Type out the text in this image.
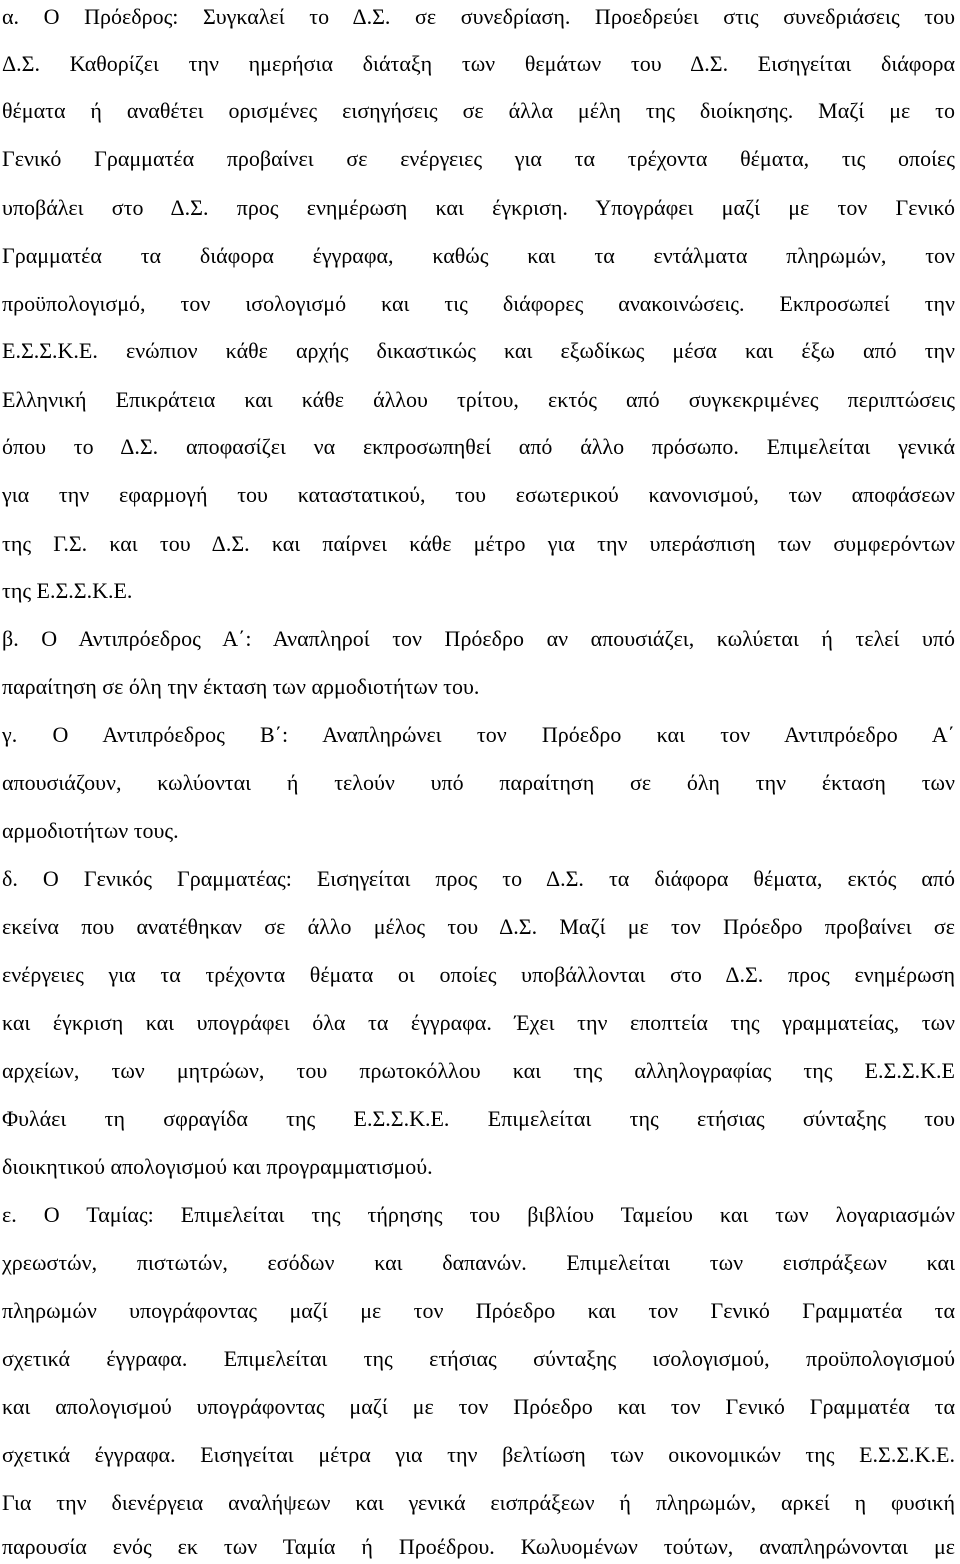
α. Ο Πρόεδρος: Συγκαλεί το Δ.Σ. σε συνεδρίαση. Προεδρεύει στις συνεδριάσεις του
Δ.Σ. Καθορίζει την ημερήσια διάταξη των θεμάτων του Δ.Σ. Εισηγείται διάφορα
θέματα ή αναθέτει ορισμένες εισηγήσεις σε άλλα μέλη της διοίκησης. Μαζί με το
Γενικό Γραμματέα προβαίνει σε ενέργειες για τα τρέχοντα θέματα, τις οποίες
υποβάλει στο Δ.Σ. προς ενημέρωση και έγκριση. Υπογράφει μαζί με τον Γενικό
Γραμματέα τα διάφορα έγγραφα, καθώς και τα εντάλματα πληρωμών, τον
προϋπολογισμό, τον ισολογισμό και τις διάφορες ανακοινώσεις. Εκπροσωπεί την
Ε.Σ.Σ.Κ.Ε. ενώπιον κάθε αρχής δικαστικώς και εξωδίκως μέσα και έξω από την
Ελληνική Επικράτεια και κάθε άλλου τρίτου, εκτός από συγκεκριμένες περιπτώσεις
όπου το Δ.Σ. αποφασίζει να εκπροσωπηθεί από άλλο πρόσωπο. Επιμελείται γενικά
για την εφαρμογή του καταστατικού, του εσωτερικού κανονισμού, των αποφάσεων
της Γ.Σ. και του Δ.Σ. και παίρνει κάθε μέτρο για την υπεράσπιση των συμφερόντων
της Ε.Σ.Σ.Κ.Ε.
β. Ο Αντιπρόεδρος Α΄: Αναπληροί τον Πρόεδρο αν απουσιάζει, κωλύεται ή τελεί υπό
παραίτηση σε όλη την έκταση των αρμοδιοτήτων του.
γ. Ο Αντιπρόεδρος Β΄: Αναπληρώνει τον Πρόεδρο και τον Αντιπρόεδρο Α΄
απουσιάζουν, κωλύονται ή τελούν υπό παραίτηση σε όλη την έκταση των
αρμοδιοτήτων τους.
δ. Ο Γενικός Γραμματέας: Εισηγείται προς το Δ.Σ. τα διάφορα θέματα, εκτός από
εκείνα που ανατέθηκαν σε άλλο μέλος του Δ.Σ. Μαζί με τον Πρόεδρο προβαίνει σε
ενέργειες για τα τρέχοντα θέματα οι οποίες υποβάλλονται στο Δ.Σ. προς ενημέρωση
και έγκριση και υπογράφει όλα τα έγγραφα. Έχει την εποπτεία της γραμματείας, των
αρχείων, των μητρώων, του πρωτοκόλλου και της αλληλογραφίας της Ε.Σ.Σ.Κ.Ε
Φυλάει τη σφραγίδα της Ε.Σ.Σ.Κ.Ε. Επιμελείται της ετήσιας σύνταξης του
διοικητικού απολογισμού και προγραμματισμού.
ε. Ο Ταμίας: Επιμελείται της τήρησης του βιβλίου Ταμείου και των λογαριασμών
χρεωστών, πιστωτών, εσόδων και δαπανών. Επιμελείται των εισπράξεων και
πληρωμών υπογράφοντας μαζί με τον Πρόεδρο και τον Γενικό Γραμματέα τα
σχετικά έγγραφα. Επιμελείται της ετήσιας σύνταξης ισολογισμού, προϋπολογισμού
και απολογισμού υπογράφοντας μαζί με τον Πρόεδρο και τον Γενικό Γραμματέα τα
σχετικά έγγραφα. Εισηγείται μέτρα για την βελτίωση των οικονομικών της Ε.Σ.Σ.Κ.Ε.
Για την διενέργεια αναλήψεων και γενικά εισπράξεων ή πληρωμών, αρκεί η φυσική
παρουσία ενός εκ των Ταμία ή Προέδρου. Κωλυομένων τούτων, αναπληρώνονται με
